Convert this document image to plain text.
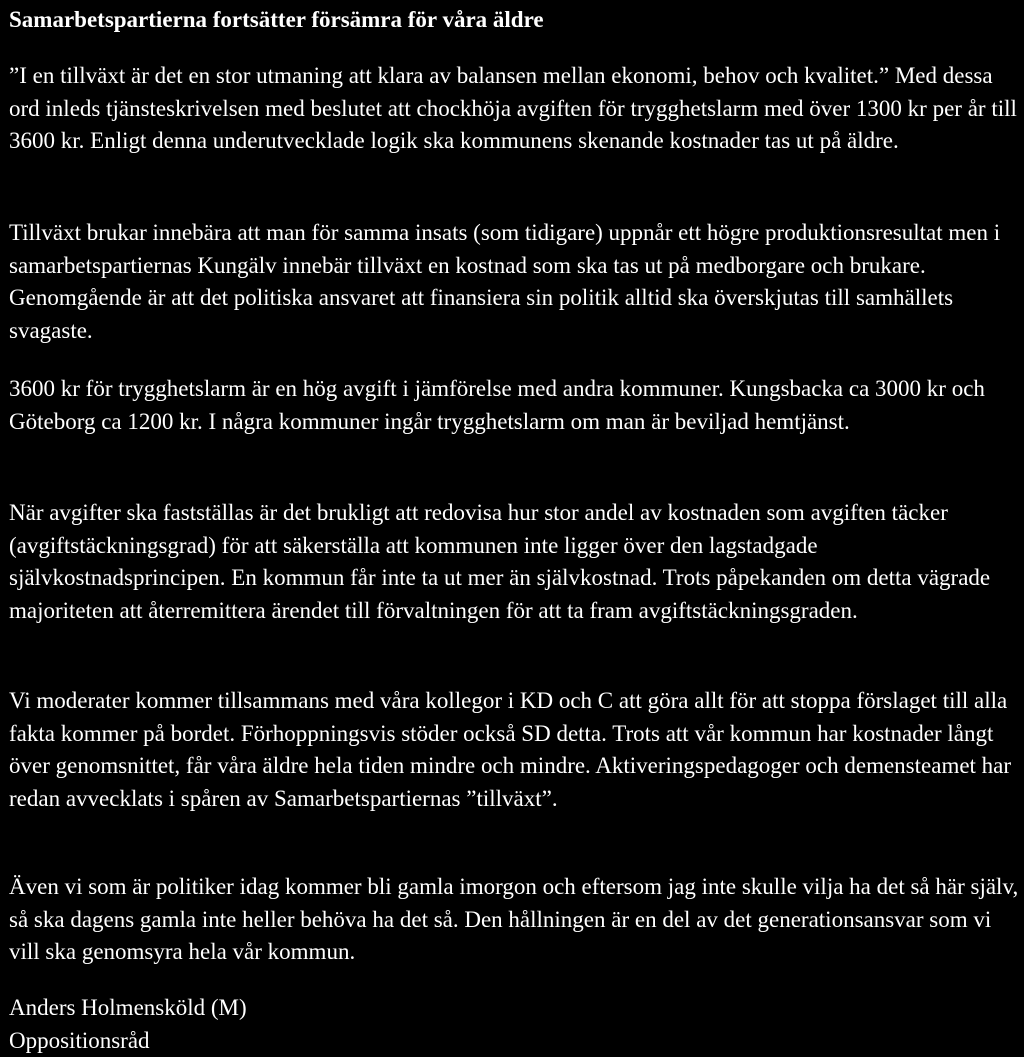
Samarbetspartierna fortsätter försämra för våra äldre

”I en tillväxt är det en stor utmaning att klara av balansen mellan ekonomi, behov och kvalitet.” Med dessa ord inleds tjänsteskrivelsen med beslutet att chockhöja avgiften för trygghetslarm med över 1300 kr per år till 3600 kr. Enligt denna underutvecklade logik ska kommunens skenande kostnader tas ut på äldre.

Tillväxt brukar innebära att man för samma insats (som tidigare) uppnår ett högre produktionsresultat men i samarbetspartiernas Kungälv innebär tillväxt en kostnad som ska tas ut på medborgare och brukare. Genomgående är att det politiska ansvaret att finansiera sin politik alltid ska överskjutas till samhällets svagaste.

3600 kr för trygghetslarm är en hög avgift i jämförelse med andra kommuner. Kungsbacka ca 3000 kr och Göteborg ca 1200 kr. I några kommuner ingår trygghetslarm om man är beviljad hemtjänst.

När avgifter ska fastställas är det brukligt att redovisa hur stor andel av kostnaden som avgiften täcker (avgiftstäckningsgrad) för att säkerställa att kommunen inte ligger över den lagstadgade självkostnadsprincipen. En kommun får inte ta ut mer än självkostnad. Trots påpekanden om detta vägrade majoriteten att återremittera ärendet till förvaltningen för att ta fram avgiftstäckningsgraden.

Vi moderater kommer tillsammans med våra kollegor i KD och C att göra allt för att stoppa förslaget till alla fakta kommer på bordet. Förhoppningsvis stöder också SD detta. Trots att vår kommun har kostnader långt över genomsnittet, får våra äldre hela tiden mindre och mindre. Aktiveringspedagoger och demensteamet har redan avvecklats i spåren av Samarbetspartiernas ”tillväxt”.

Även vi som är politiker idag kommer bli gamla imorgon och eftersom jag inte skulle vilja ha det så här själv, så ska dagens gamla inte heller behöva ha det så. Den hållningen är en del av det generationsansvar som vi vill ska genomsyra hela vår kommun.

Anders Holmensköld (M)
Oppositionsråd
